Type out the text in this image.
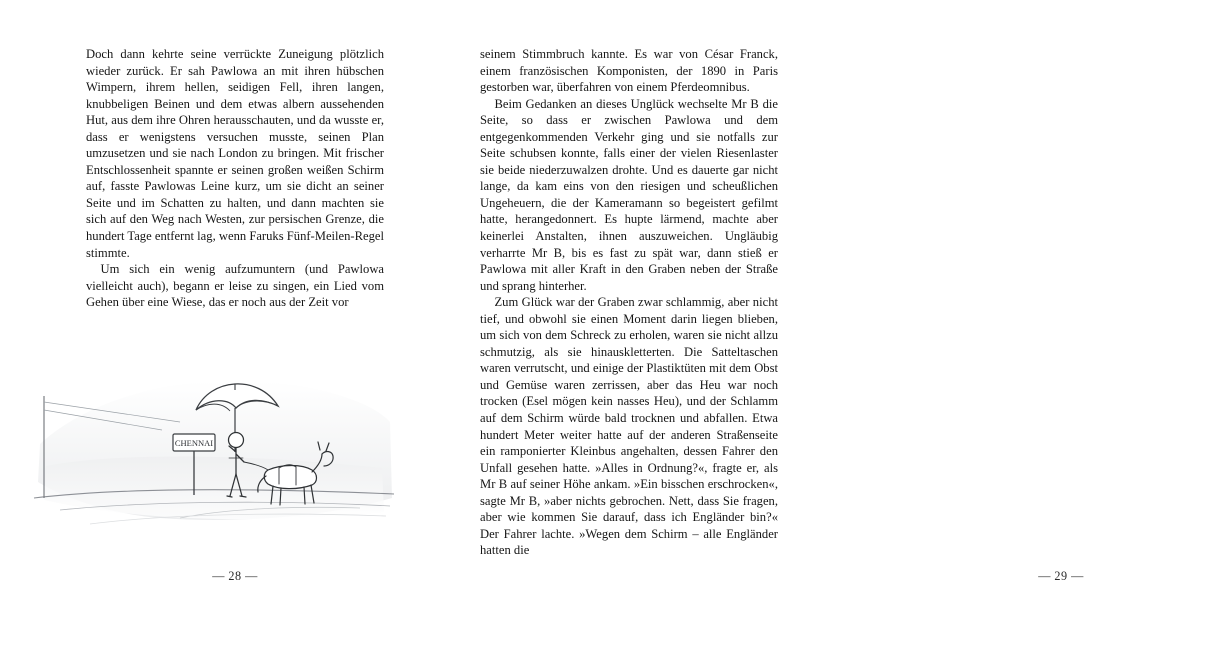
Doch dann kehrte seine verrückte Zuneigung plötzlich wieder zurück. Er sah Pawlowa an mit ihren hübschen Wimpern, ihrem hellen, seidigen Fell, ihren langen, knubbeligen Beinen und dem etwas albern aussehenden Hut, aus dem ihre Ohren herausschauten, und da wusste er, dass er wenigstens versuchen musste, seinen Plan umzusetzen und sie nach London zu bringen. Mit frischer Entschlossenheit spannte er seinen großen weißen Schirm auf, fasste Pawlowas Leine kurz, um sie dicht an seiner Seite und im Schatten zu halten, und dann machten sie sich auf den Weg nach Westen, zur persischen Grenze, die hundert Tage entfernt lag, wenn Faruks Fünf-Meilen-Regel stimmte.

Um sich ein wenig aufzumuntern (und Pawlowa vielleicht auch), begann er leise zu singen, ein Lied vom Gehen über eine Wiese, das er noch aus der Zeit vor

CHENNAI
— 28 —

seinem Stimmbruch kannte. Es war von César Franck, einem französischen Komponisten, der 1890 in Paris gestorben war, überfahren von einem Pferdeomnibus.

Beim Gedanken an dieses Unglück wechselte Mr B die Seite, so dass er zwischen Pawlowa und dem entgegenkommenden Verkehr ging und sie notfalls zur Seite schubsen konnte, falls einer der vielen Riesenlaster sie beide niederzuwalzen drohte. Und es dauerte gar nicht lange, da kam eins von den riesigen und scheußlichen Ungeheuern, die der Kameramann so begeistert gefilmt hatte, herangedonnert. Es hupte lärmend, machte aber keinerlei Anstalten, ihnen auszuweichen. Ungläubig verharrte Mr B, bis es fast zu spät war, dann stieß er Pawlowa mit aller Kraft in den Graben neben der Straße und sprang hinterher.

Zum Glück war der Graben zwar schlammig, aber nicht tief, und obwohl sie einen Moment darin liegen blieben, um sich von dem Schreck zu erholen, waren sie nicht allzu schmutzig, als sie hinauskletterten. Die Satteltaschen waren verrutscht, und einige der Plastiktüten mit dem Obst und Gemüse waren zerrissen, aber das Heu war noch trocken (Esel mögen kein nasses Heu), und der Schlamm auf dem Schirm würde bald trocknen und abfallen. Etwa hundert Meter weiter hatte auf der anderen Straßenseite ein ramponierter Kleinbus angehalten, dessen Fahrer den Unfall gesehen hatte. »Alles in Ordnung?«, fragte er, als Mr B auf seiner Höhe ankam. »Ein bisschen erschrocken«, sagte Mr B, »aber nichts gebrochen. Nett, dass Sie fragen, aber wie kommen Sie darauf, dass ich Engländer bin?« Der Fahrer lachte. »Wegen dem Schirm – alle Engländer hatten die

— 29 —
